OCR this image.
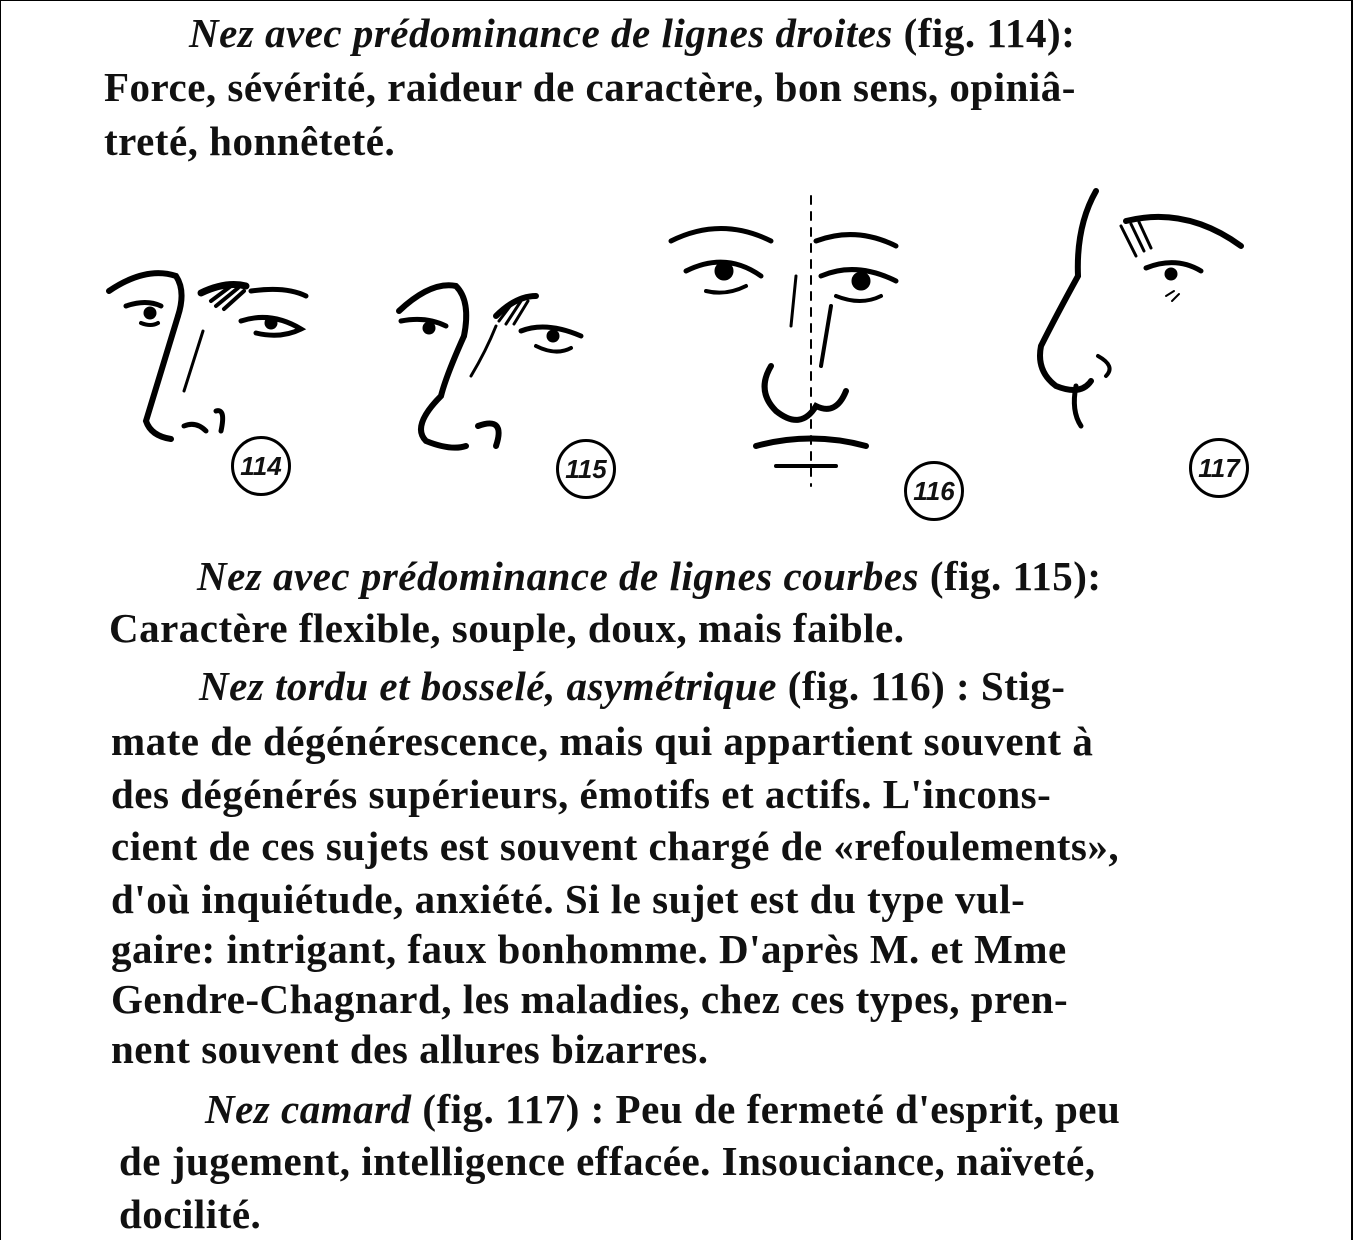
Nez avec prédominance de lignes droites (fig. 114):
Force, sévérité, raideur de caractère, bon sens, opiniâ-
treté, honnêteté.
114	115
116
117
Nez avec prédominance de lignes courbes (fig. 115):
Caractère flexible, souple, doux, mais faible.
Nez tordu et bosselé, asymétrique (fig. 116) : Stig-
mate de dégénérescence, mais qui appartient souvent à
des dégénérés supérieurs, émotifs et actifs. L'incons-
cient de ces sujets est souvent chargé de «refoulements»,
d'où inquiétude, anxiété. Si le sujet est du type vul-
gaire: intrigant, faux bonhomme. D'après M. et Mme
Gendre-Chagnard, les maladies, chez ces types, pren-
nent souvent des allures bizarres.
Nez camard (fig. 117) : Peu de fermeté d'esprit, peu
de jugement, intelligence effacée. Insouciance, naïveté,
docilité.
